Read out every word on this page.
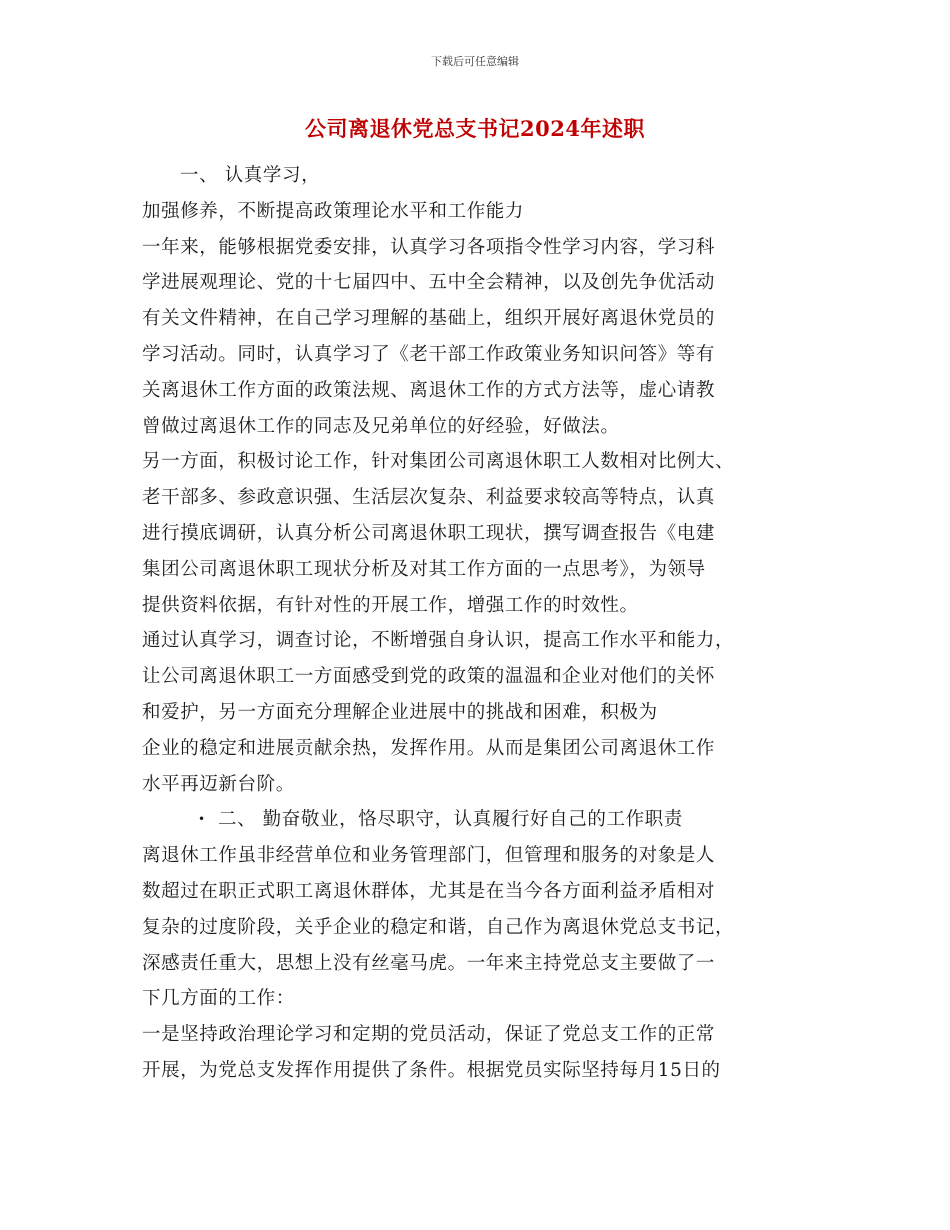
下载后可任意编辑
公司离退休党总支书记2024年述职
一、 认真学习，
加强修养，不断提高政策理论水平和工作能力
一年来，能够根据党委安排，认真学习各项指令性学习内容，学习科
学进展观理论、党的十七届四中、五中全会精神，以及创先争优活动
有关文件精神，在自己学习理解的基础上，组织开展好离退休党员的
学习活动。同时，认真学习了《老干部工作政策业务知识问答》等有
关离退休工作方面的政策法规、离退休工作的方式方法等，虚心请教
曾做过离退休工作的同志及兄弟单位的好经验，好做法。
另一方面，积极讨论工作，针对集团公司离退休职工人数相对比例大、
老干部多、参政意识强、生活层次复杂、利益要求较高等特点，认真
进行摸底调研，认真分析公司离退休职工现状，撰写调查报告《电建
集团公司离退休职工现状分析及对其工作方面的一点思考》，为领导
提供资料依据，有针对性的开展工作，增强工作的时效性。
通过认真学习，调查讨论，不断增强自身认识，提高工作水平和能力，
让公司离退休职工一方面感受到党的政策的温温和企业对他们的关怀
和爱护，另一方面充分理解企业进展中的挑战和困难，积极为
企业的稳定和进展贡献余热，发挥作用。从而是集团公司离退休工作
水平再迈新台阶。
• 二、 勤奋敬业，恪尽职守，认真履行好自己的工作职责
离退休工作虽非经营单位和业务管理部门，但管理和服务的对象是人
数超过在职正式职工离退休群体，尤其是在当今各方面利益矛盾相对
复杂的过度阶段，关乎企业的稳定和谐，自己作为离退休党总支书记，
深感责任重大，思想上没有丝毫马虎。一年来主持党总支主要做了一
下几方面的工作：
一是坚持政治理论学习和定期的党员活动，保证了党总支工作的正常
开展，为党总支发挥作用提供了条件。根据党员实际坚持每月15日的
